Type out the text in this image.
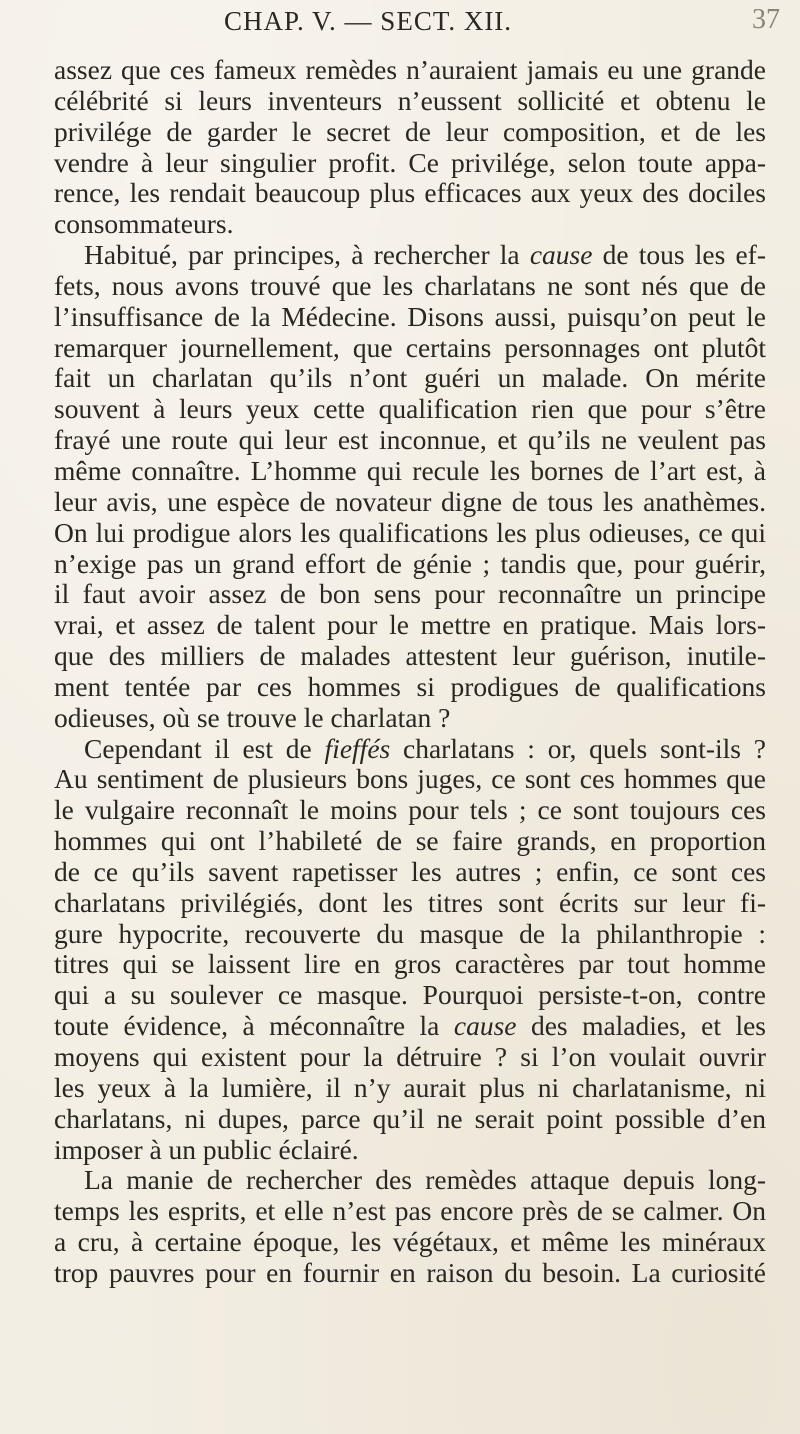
CHAP. V. — SECT. XII.	37
assez que ces fameux remèdes n’auraient jamais eu une grande
célébrité si leurs inventeurs n’eussent sollicité et obtenu le
privilége de garder le secret de leur composition, et de les
vendre à leur singulier profit. Ce privilége, selon toute appa-
rence, les rendait beaucoup plus efficaces aux yeux des dociles
consommateurs.
Habitué, par principes, à rechercher la cause de tous les ef-
fets, nous avons trouvé que les charlatans ne sont nés que de
l’insuffisance de la Médecine. Disons aussi, puisqu’on peut le
remarquer journellement, que certains personnages ont plutôt
fait un charlatan qu’ils n’ont guéri un malade. On mérite
souvent à leurs yeux cette qualification rien que pour s’être
frayé une route qui leur est inconnue, et qu’ils ne veulent pas
même connaître. L’homme qui recule les bornes de l’art est, à
leur avis, une espèce de novateur digne de tous les anathèmes.
On lui prodigue alors les qualifications les plus odieuses, ce qui
n’exige pas un grand effort de génie ; tandis que, pour guérir,
il faut avoir assez de bon sens pour reconnaître un principe
vrai, et assez de talent pour le mettre en pratique. Mais lors-
que des milliers de malades attestent leur guérison, inutile-
ment tentée par ces hommes si prodigues de qualifications
odieuses, où se trouve le charlatan ?
Cependant il est de fieffés charlatans : or, quels sont-ils ?
Au sentiment de plusieurs bons juges, ce sont ces hommes que
le vulgaire reconnaît le moins pour tels ; ce sont toujours ces
hommes qui ont l’habileté de se faire grands, en proportion
de ce qu’ils savent rapetisser les autres ; enfin, ce sont ces
charlatans privilégiés, dont les titres sont écrits sur leur fi-
gure hypocrite, recouverte du masque de la philanthropie :
titres qui se laissent lire en gros caractères par tout homme
qui a su soulever ce masque. Pourquoi persiste-t-on, contre
toute évidence, à méconnaître la cause des maladies, et les
moyens qui existent pour la détruire ? si l’on voulait ouvrir
les yeux à la lumière, il n’y aurait plus ni charlatanisme, ni
charlatans, ni dupes, parce qu’il ne serait point possible d’en
imposer à un public éclairé.
La manie de rechercher des remèdes attaque depuis long-
temps les esprits, et elle n’est pas encore près de se calmer. On
a cru, à certaine époque, les végétaux, et même les minéraux
trop pauvres pour en fournir en raison du besoin. La curiosité
